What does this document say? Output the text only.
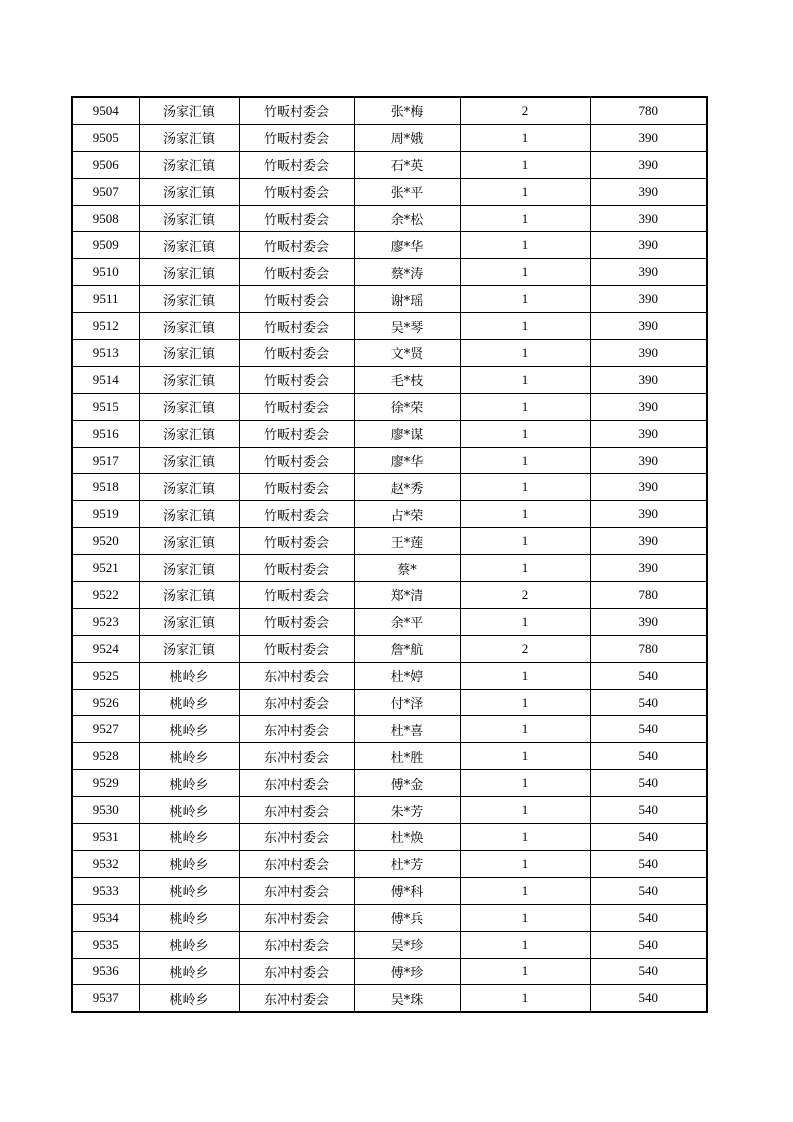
9504	汤家汇镇	竹畈村委会	张*梅	2	780
9505	汤家汇镇	竹畈村委会	周*娥	1	390
9506	汤家汇镇	竹畈村委会	石*英	1	390
9507	汤家汇镇	竹畈村委会	张*平	1	390
9508	汤家汇镇	竹畈村委会	余*松	1	390
9509	汤家汇镇	竹畈村委会	廖*华	1	390
9510	汤家汇镇	竹畈村委会	蔡*涛	1	390
9511	汤家汇镇	竹畈村委会	谢*瑶	1	390
9512	汤家汇镇	竹畈村委会	吴*琴	1	390
9513	汤家汇镇	竹畈村委会	文*贤	1	390
9514	汤家汇镇	竹畈村委会	毛*枝	1	390
9515	汤家汇镇	竹畈村委会	徐*荣	1	390
9516	汤家汇镇	竹畈村委会	廖*谋	1	390
9517	汤家汇镇	竹畈村委会	廖*华	1	390
9518	汤家汇镇	竹畈村委会	赵*秀	1	390
9519	汤家汇镇	竹畈村委会	占*荣	1	390
9520	汤家汇镇	竹畈村委会	王*莲	1	390
9521	汤家汇镇	竹畈村委会	蔡*	1	390
9522	汤家汇镇	竹畈村委会	郑*清	2	780
9523	汤家汇镇	竹畈村委会	余*平	1	390
9524	汤家汇镇	竹畈村委会	詹*航	2	780
9525	桃岭乡	东冲村委会	杜*婷	1	540
9526	桃岭乡	东冲村委会	付*泽	1	540
9527	桃岭乡	东冲村委会	杜*喜	1	540
9528	桃岭乡	东冲村委会	杜*胜	1	540
9529	桃岭乡	东冲村委会	傅*金	1	540
9530	桃岭乡	东冲村委会	朱*芳	1	540
9531	桃岭乡	东冲村委会	杜*焕	1	540
9532	桃岭乡	东冲村委会	杜*芳	1	540
9533	桃岭乡	东冲村委会	傅*科	1	540
9534	桃岭乡	东冲村委会	傅*兵	1	540
9535	桃岭乡	东冲村委会	吴*珍	1	540
9536	桃岭乡	东冲村委会	傅*珍	1	540
9537	桃岭乡	东冲村委会	吴*珠	1	540
